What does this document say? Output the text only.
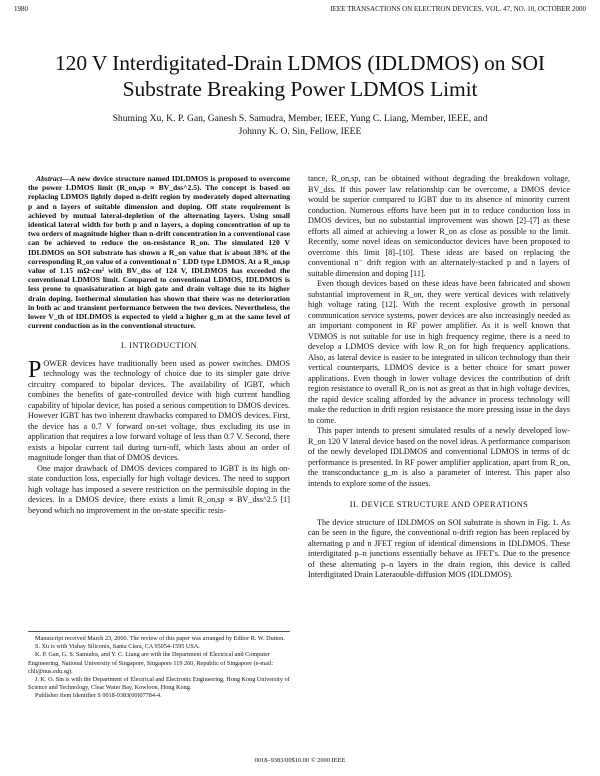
1980	IEEE TRANSACTIONS ON ELECTRON DEVICES, VOL. 47, NO. 10, OCTOBER 2000
120 V Interdigitated-Drain LDMOS (IDLDMOS) on SOI Substrate Breaking Power LDMOS Limit
Shuming Xu, K. P. Gan, Ganesh S. Samudra, Member, IEEE, Yung C. Liang, Member, IEEE, and
Johnny K. O. Sin, Fellow, IEEE

Abstract—A new device structure named IDLDMOS is proposed to overcome the power LDMOS limit (R_on,sp ∝ BV_dss^2.5). The concept is based on replacing LDMOS lightly doped n-drift region by moderately doped alternating p and n layers of suitable dimension and doping. Off state requirement is achieved by mutual lateral-depletion of the alternating layers. Using small identical lateral width for both p and n layers, a doping concentration of up to two orders of magnitude higher than n-drift concentration in a conventional case can be achieved to reduce the on-resistance R_on. The simulated 120 V IDLDMOS on SOI substrate has shown a R_on value that is about 38% of the corresponding R_on value of a conventional n⁻ LDD type LDMOS. At a R_on,sp value of 1.15 mΩ·cm² with BV_dss of 124 V, IDLDMOS has exceeded the conventional LDMOS limit. Compared to conventional LDMOS, IDLDMOS is less prone to quasisaturation at high gate and drain voltage due to its higher drain doping. Isothermal simulation has shown that there was no deterioration in both ac and transient performance between the two devices. Nevertheless, the lower V_th of IDLDMOS is expected to yield a higher g_m at the same level of current conduction as in the conventional structure.

I. INTRODUCTION

POWER devices have traditionally been used as power switches. DMOS technology was the technology of choice due to its simpler gate drive circuitry compared to bipolar devices. The availability of IGBT, which combines the benefits of gate-controlled device with high current handling capability of bipolar device, has posed a serious competition to DMOS devices. However IGBT has two inherent drawbacks compared to DMOS devices. First, the device has a 0.7 V forward on-set voltage, thus excluding its use in application that requires a low forward voltage of less than 0.7 V. Second, there exists a bipolar current tail during turn-off, which lasts about an order of magnitude longer than that of DMOS devices.

One major drawback of DMOS devices compared to IGBT is its high on-state conduction loss, especially for high voltage devices. The need to support high voltage has imposed a severe restriction on the permissible doping in the devices. In a DMOS device, there exists a limit R_on,sp ∝ BV_dss^2.5 [1] beyond which no improvement in the on-state specific resis-

Manuscript received March 23, 2000. The review of this paper was arranged by Editor R. W. Dutton.

S. Xu is with Vishay Siliconix, Santa Clara, CA 95054-1595 USA.

K. P. Gan, G. S. Samudra, and Y. C. Liang are with the Department of Electrical and Computer Engineering, National University of Singapore, Singapore 119 260, Republic of Singapore (e-mail: chli@nus.edu.sg).

J. K. O. Sin is with the Department of Electrical and Electronic Engineering, Hong Kong University of Science and Technology, Clear Water Bay, Kowloon, Hong Kong.

Publisher Item Identifier S 0018-9383(00)07784-4.

tance, R_on,sp, can be obtained without degrading the breakdown voltage, BV_dss. If this power law relationship can be overcome, a DMOS device would be superior compared to IGBT due to its absence of minority current conduction. Numerous efforts have been put in to reduce conduction loss in DMOS devices, but no substantial improvement was shown [2]–[7] as these efforts all aimed at achieving a lower R_on as close as possible to the limit. Recently, some novel ideas on semiconductor devices have been proposed to overcome this limit [8]–[10]. These ideas are based on replacing the conventional n⁻ drift region with an alternately-stacked p and n layers of suitable dimension and doping [11].

Even though devices based on these ideas have been fabricated and shown substantial improvement in R_on, they were vertical devices with relatively high voltage rating [12]. With the recent explosive growth in personal communication service systems, power devices are also increasingly needed as an important component in RF power amplifier. As it is well known that VDMOS is not suitable for use in high frequency regime, there is a need to develop a LDMOS device with low R_on for high frequency applications. Also, as lateral device is easier to be integrated in silicon technology than their vertical counterparts, LDMOS device is a better choice for smart power applications. Even though in lower voltage devices the contribution of drift region resistance to overall R_on is not as great as that in high voltage devices, the rapid device scaling afforded by the advance in process technology will make the reduction in drift region resistance the more pressing issue in the days to come.

This paper intends to present simulated results of a newly developed low-R_on 120 V lateral device based on the novel ideas. A performance comparison of the newly developed IDLDMOS and conventional LDMOS in terms of dc performance is presented. In RF power amplifier application, apart from R_on, the transconductance g_m is also a parameter of interest. This paper also intends to explore some of the issues.

II. DEVICE STRUCTURE AND OPERATIONS

The device structure of IDLDMOS on SOI substrate is shown in Fig. 1. As can be seen in the figure, the conventional n-drift region has been replaced by alternating p and n JFET region of identical dimensions in IDLDMOS. These interdigitated p–n junctions essentially behave as JFET's. Due to the presence of these alternating p–n layers in the drain region, this device is called Interdigitated Drain Lateraouble-diffusion MOS (IDLDMOS).

0018–9383/00$10.00 © 2000 IEEE
